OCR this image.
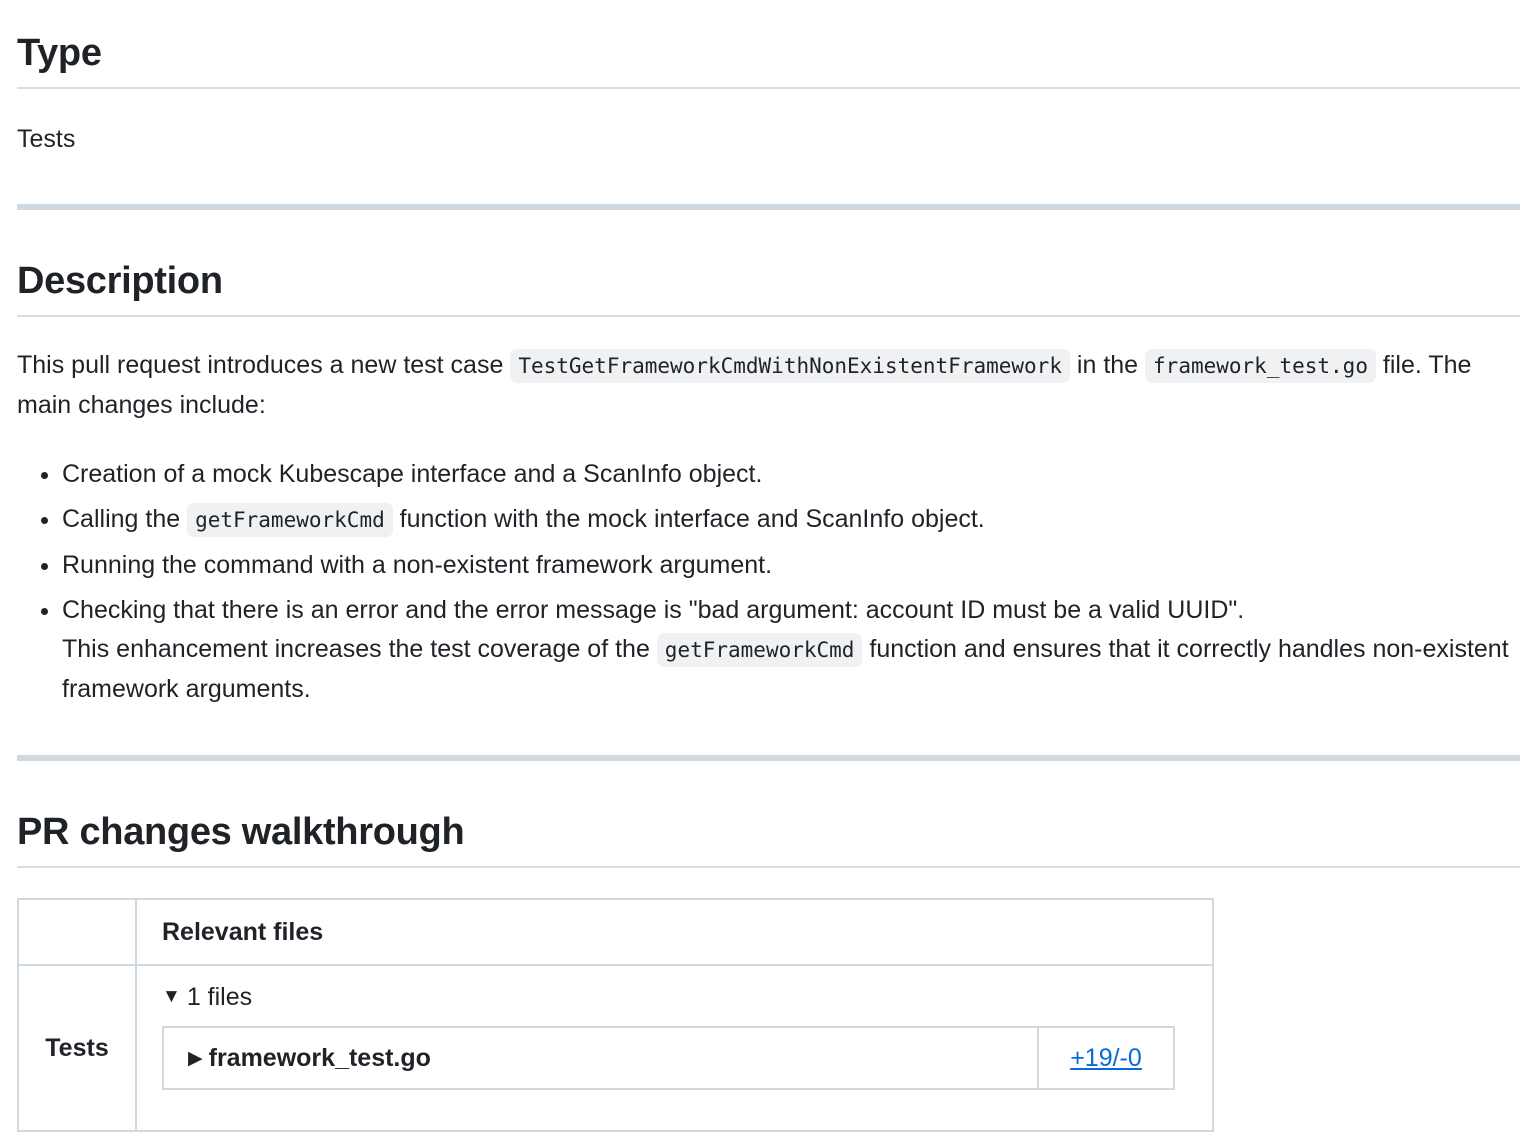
Type

Tests

Description

This pull request introduces a new test case TestGetFrameworkCmdWithNonExistentFramework in the framework_test.go file. The main changes include:

• Creation of a mock Kubescape interface and a ScanInfo object.
• Calling the getFrameworkCmd function with the mock interface and ScanInfo object.
• Running the command with a non-existent framework argument.
• Checking that there is an error and the error message is "bad argument: account ID must be a valid UUID".
This enhancement increases the test coverage of the getFrameworkCmd function and ensures that it correctly handles non-existent framework arguments.
PR changes walkthrough
	Relevant files
Tests	▼ 1 files
▶ framework_test.go +19/-0
